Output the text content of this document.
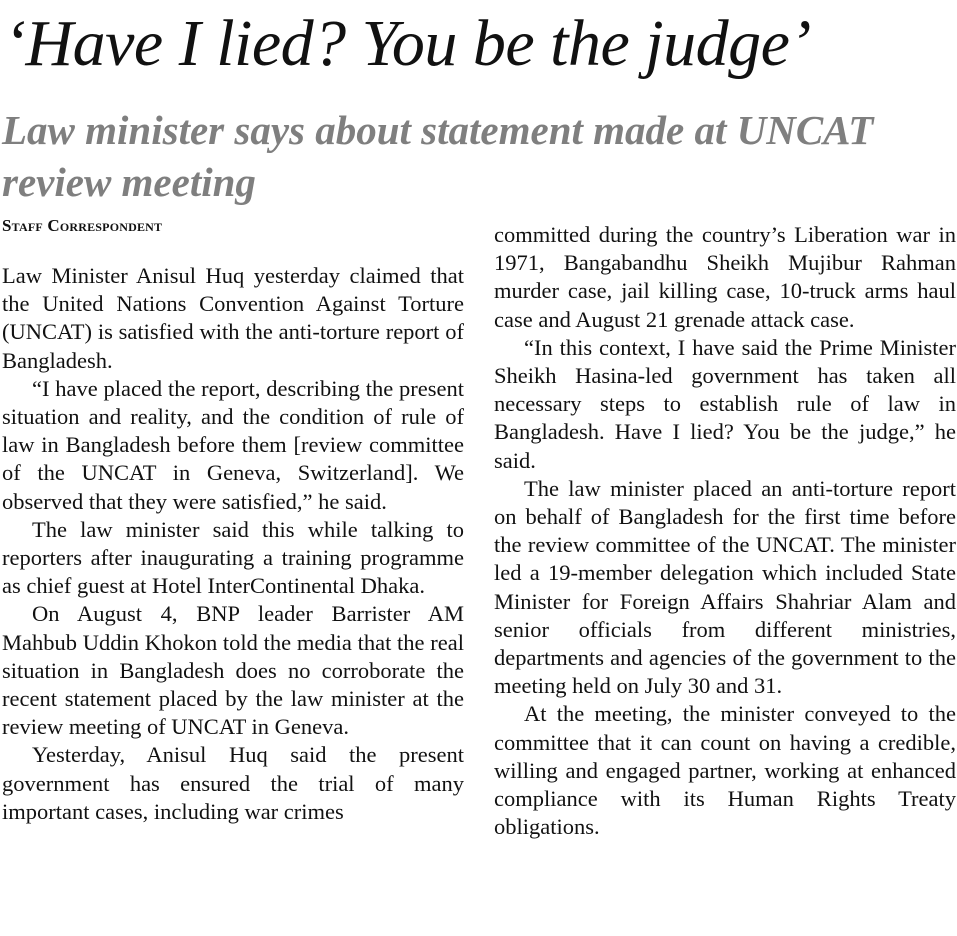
‘Have I lied? You be the judge’
Law minister says about statement made at UNCAT review meeting
Staff Correspondent

Law Minister Anisul Huq yesterday claimed that the United Nations Convention Against Torture (UNCAT) is satisfied with the anti-torture report of Bangladesh.

“I have placed the report, describing the present situation and reality, and the condition of rule of law in Bangladesh before them [review committee of the UNCAT in Geneva, Switzerland]. We observed that they were satisfied,” he said.

The law minister said this while talking to reporters after inaugurating a training programme as chief guest at Hotel InterContinental Dhaka.

On August 4, BNP leader Barrister AM Mahbub Uddin Khokon told the media that the real situation in Bangladesh does no corroborate the recent statement placed by the law minister at the review meeting of UNCAT in Geneva.

Yesterday, Anisul Huq said the present government has ensured the trial of many important cases, including war crimes

committed during the country’s Liberation war in 1971, Bangabandhu Sheikh Mujibur Rahman murder case, jail killing case, 10-truck arms haul case and August 21 grenade attack case.

“In this context, I have said the Prime Minister Sheikh Hasina-led government has taken all necessary steps to establish rule of law in Bangladesh. Have I lied? You be the judge,” he said.

The law minister placed an anti-torture report on behalf of Bangladesh for the first time before the review committee of the UNCAT. The minister led a 19-member delegation which included State Minister for Foreign Affairs Shahriar Alam and senior officials from different ministries, departments and agencies of the government to the meeting held on July 30 and 31.

At the meeting, the minister conveyed to the committee that it can count on having a credible, willing and engaged partner, working at enhanced compliance with its Human Rights Treaty obligations.
